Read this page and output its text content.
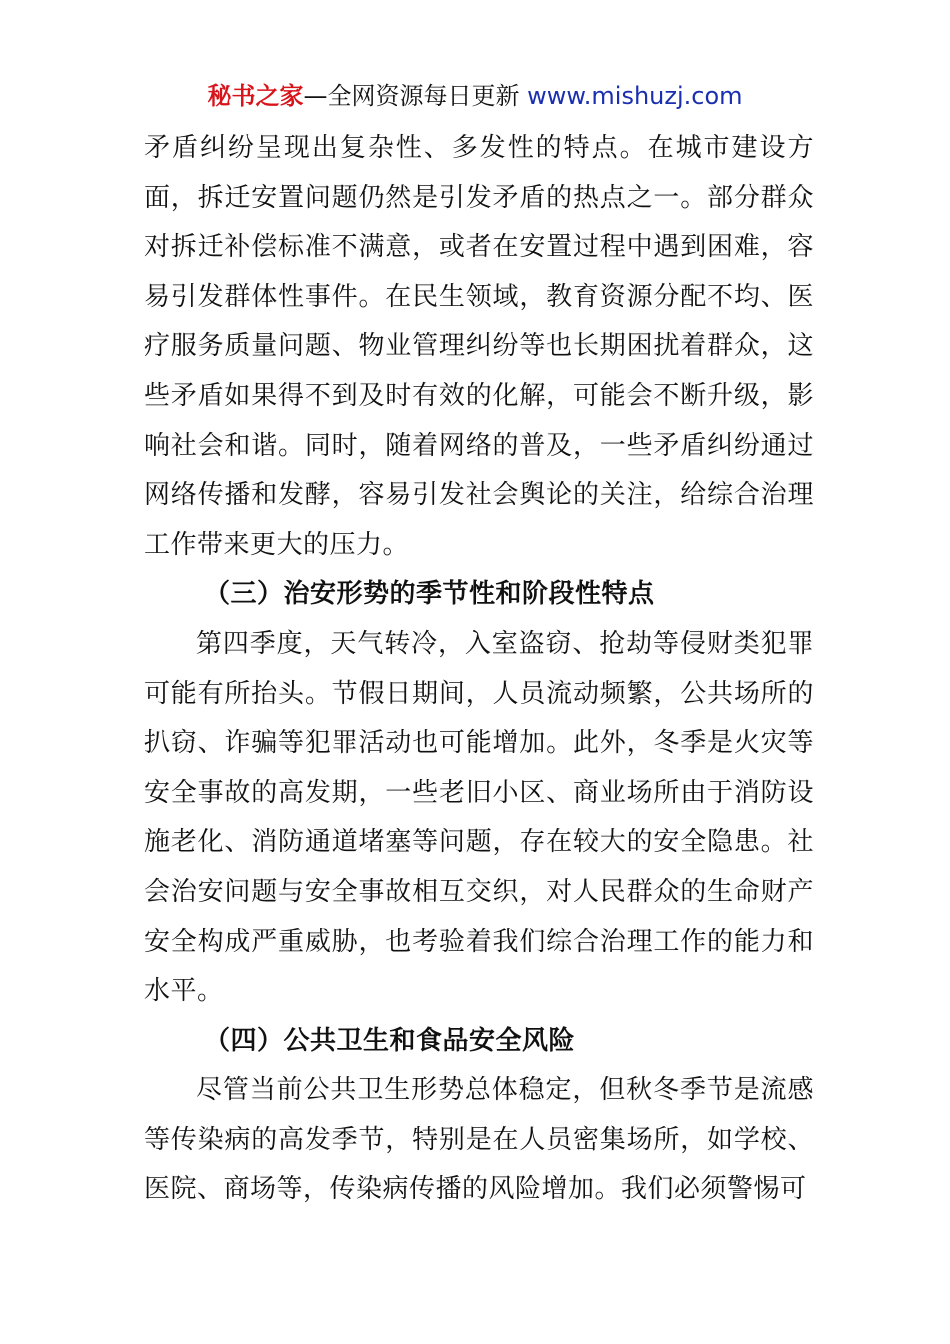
秘书之家—全网资源每日更新 www.mishuzj.com

矛盾纠纷呈现出复杂性、多发性的特点。在城市建设方面，拆迁安置问题仍然是引发矛盾的热点之一。部分群众对拆迁补偿标准不满意，或者在安置过程中遇到困难，容易引发群体性事件。在民生领域，教育资源分配不均、医疗服务质量问题、物业管理纠纷等也长期困扰着群众，这些矛盾如果得不到及时有效的化解，可能会不断升级，影响社会和谐。同时，随着网络的普及，一些矛盾纠纷通过网络传播和发酵，容易引发社会舆论的关注，给综合治理工作带来更大的压力。

（三）治安形势的季节性和阶段性特点

第四季度，天气转冷，入室盗窃、抢劫等侵财类犯罪可能有所抬头。节假日期间，人员流动频繁，公共场所的扒窃、诈骗等犯罪活动也可能增加。此外，冬季是火灾等安全事故的高发期，一些老旧小区、商业场所由于消防设施老化、消防通道堵塞等问题，存在较大的安全隐患。社会治安问题与安全事故相互交织，对人民群众的生命财产安全构成严重威胁，也考验着我们综合治理工作的能力和水平。

（四）公共卫生和食品安全风险

尽管当前公共卫生形势总体稳定，但秋冬季节是流感等传染病的高发季节，特别是在人员密集场所，如学校、医院、商场等，传染病传播的风险增加。我们必须警惕可
